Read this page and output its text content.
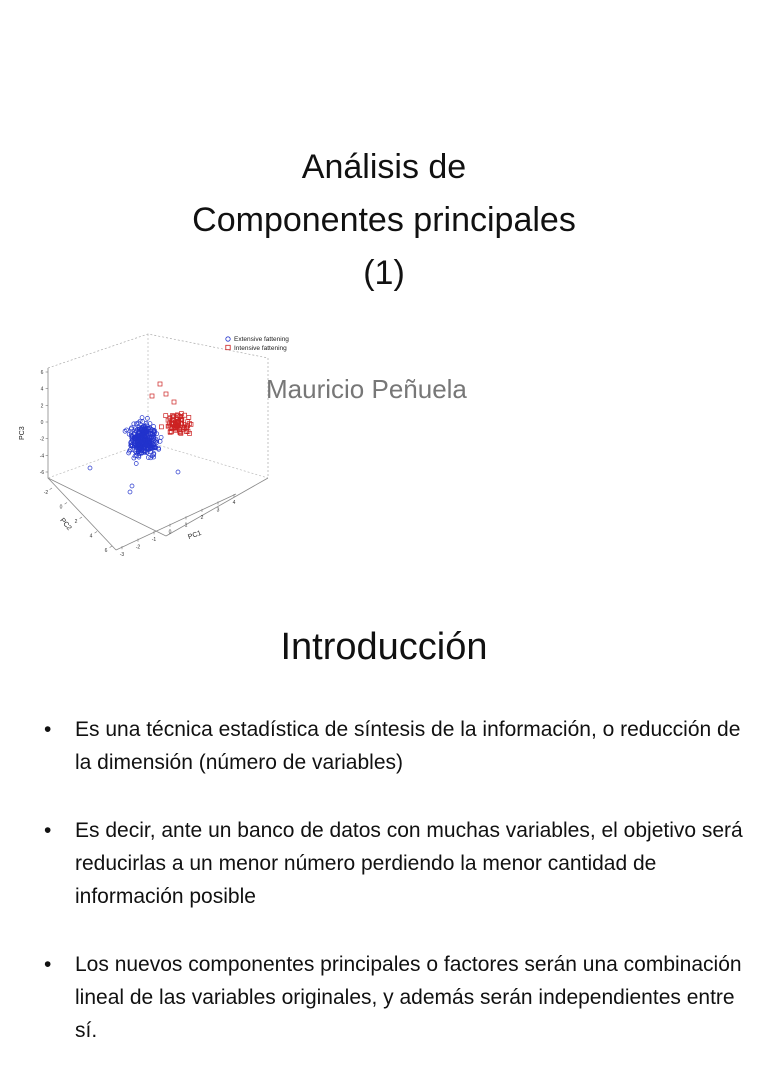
Análisis de
Componentes principales
(1)
6
4
2
0
-2
-4
-6
-2
0
2
4
6
-3
-2
-1
0
1
2
3
4
PC3
PC2
PC1
Extensive fattening
Intensive fattening
Mauricio Peñuela
Introducción
• Es una técnica estadística de síntesis de la información, o reducción de la dimensión (número de variables)
• Es decir, ante un banco de datos con muchas variables, el objetivo será reducirlas a un menor número perdiendo la menor cantidad de información posible
• Los nuevos componentes principales o factores serán una combinación lineal de las variables originales, y además serán independientes entre sí.
